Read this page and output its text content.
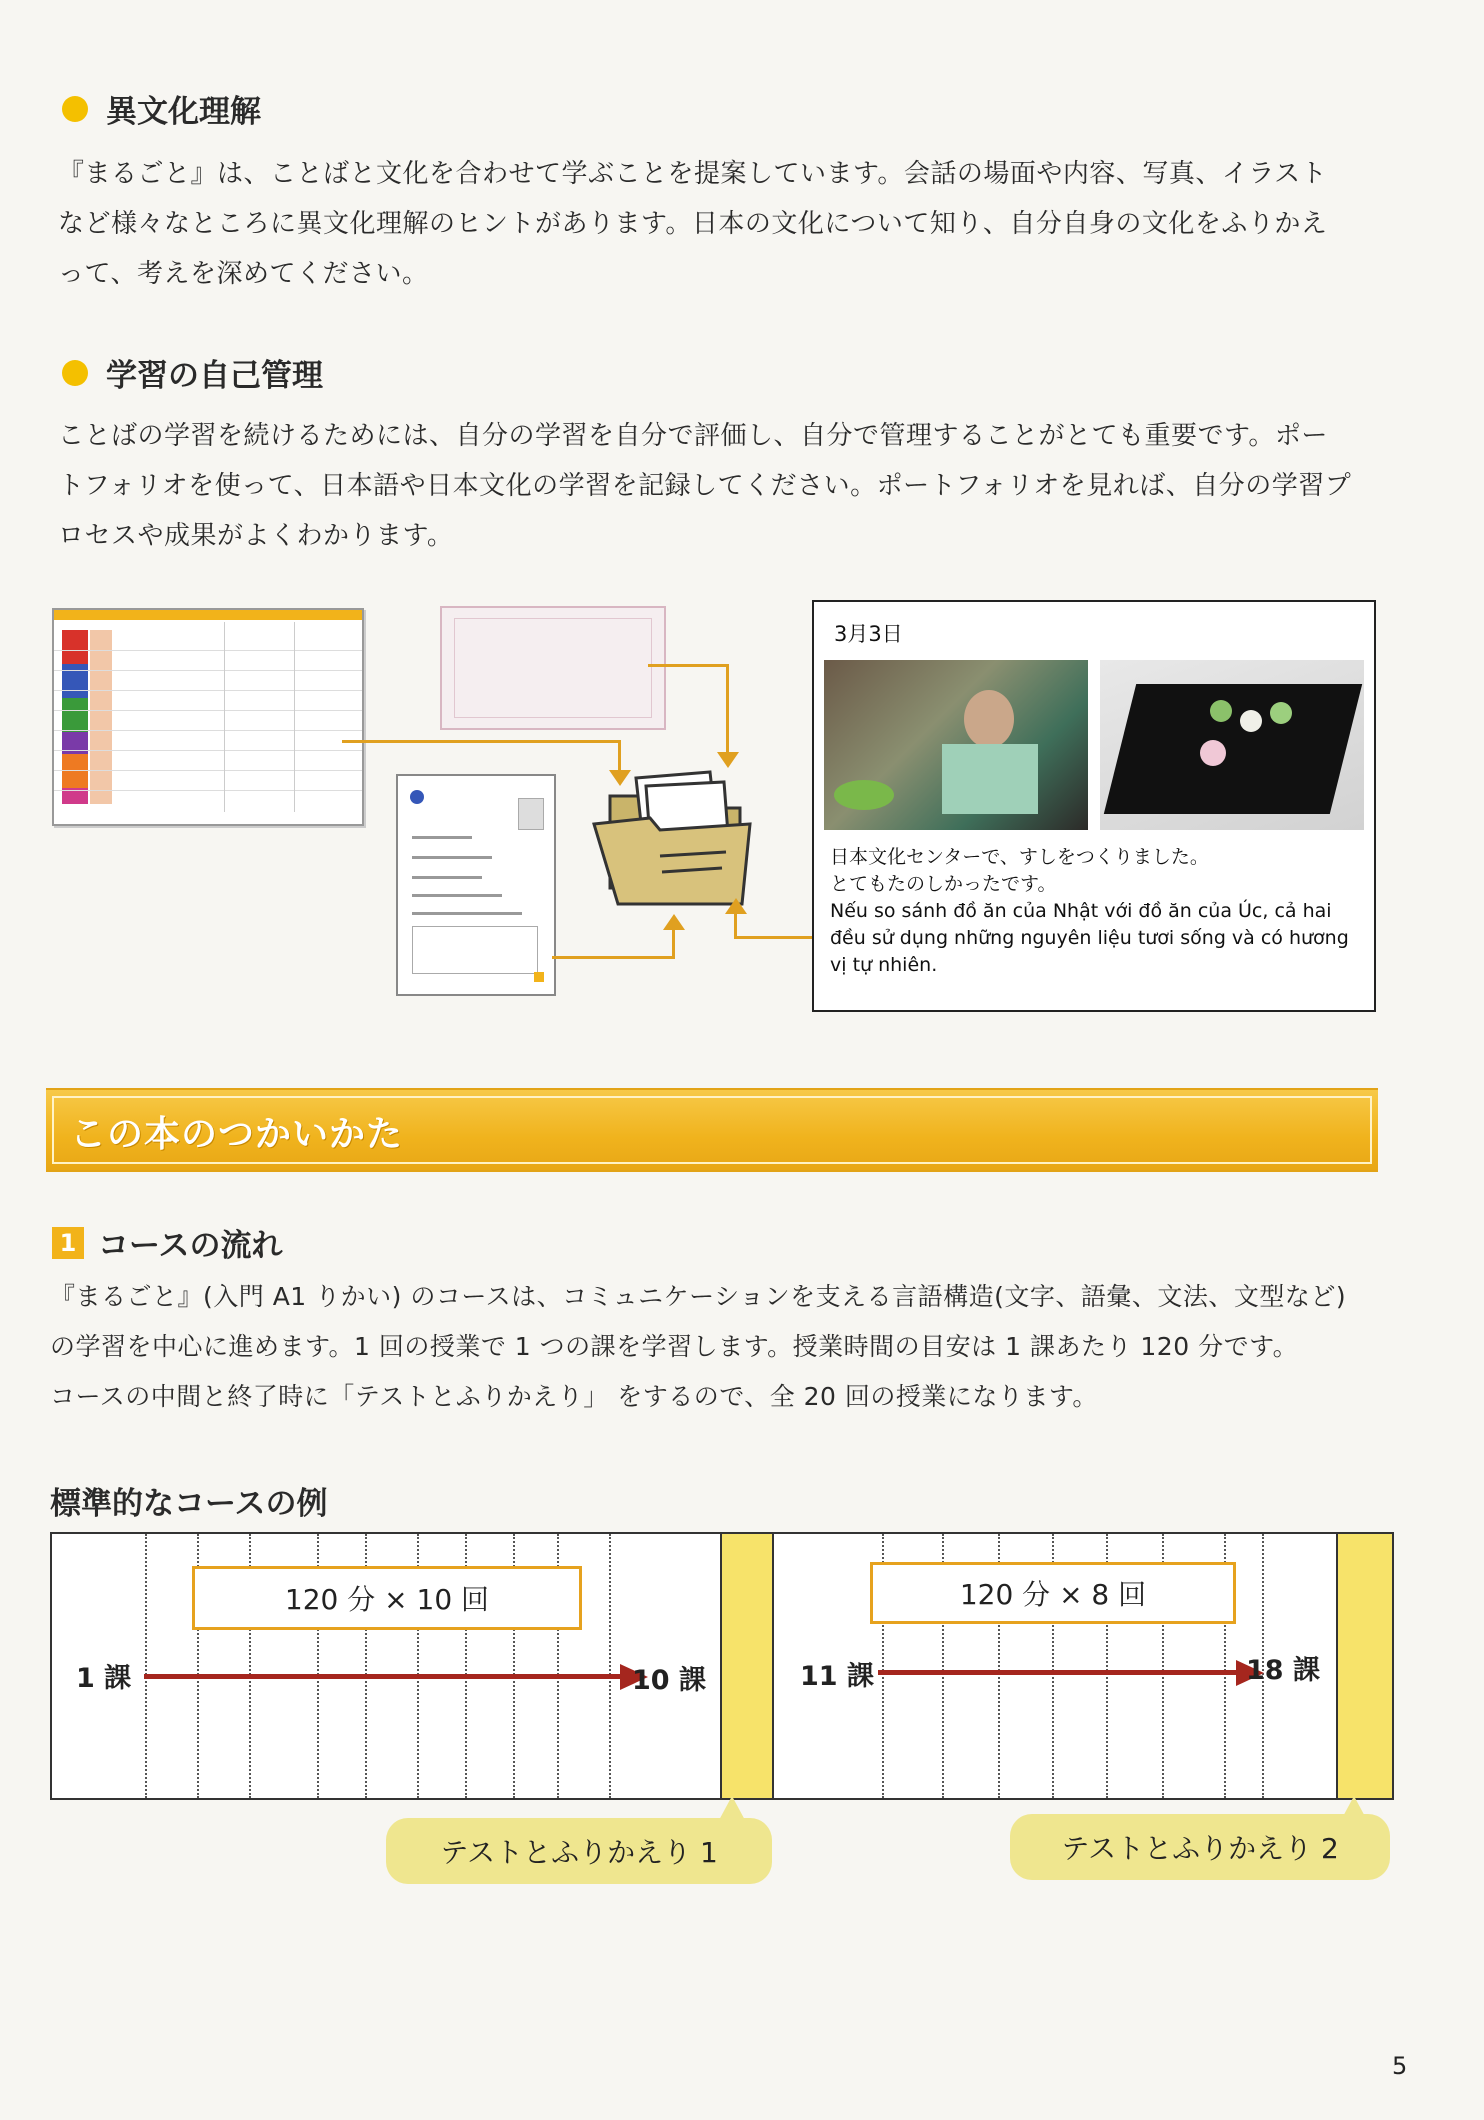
異文化理解
『まるごと』は、ことばと文化を合わせて学ぶことを提案しています。会話の場面や内容、写真、イラスト
など様々なところに異文化理解のヒントがあります。日本の文化について知り、自分自身の文化をふりかえ
って、考えを深めてください。
学習の自己管理
ことばの学習を続けるためには、自分の学習を自分で評価し、自分で管理することがとても重要です。ポー
トフォリオを使って、日本語や日本文化の学習を記録してください。ポートフォリオを見れば、自分の学習プ
ロセスや成果がよくわかります。
3月3日
日本文化センターで、すしをつくりました。
とてもたのしかったです。
Nếu so sánh đồ ăn của Nhật với đồ ăn của Úc, cả hai
đều sử dụng những nguyên liệu tươi sống và có hương
vị tự nhiên.
この本のつかいかた
1 コースの流れ
『まるごと』(入門 A1 りかい) のコースは、コミュニケーションを支える言語構造(文字、語彙、文法、文型など)
の学習を中心に進めます。1 回の授業で 1 つの課を学習します。授業時間の目安は 1 課あたり 120 分です。
コースの中間と終了時に「テストとふりかえり」 をするので、全 20 回の授業になります。
標準的なコースの例
120 分 × 10 回
1 課	10 課
120 分 × 8 回
11 課	18 課
テストとふりかえり 1	テストとふりかえり 2
5
